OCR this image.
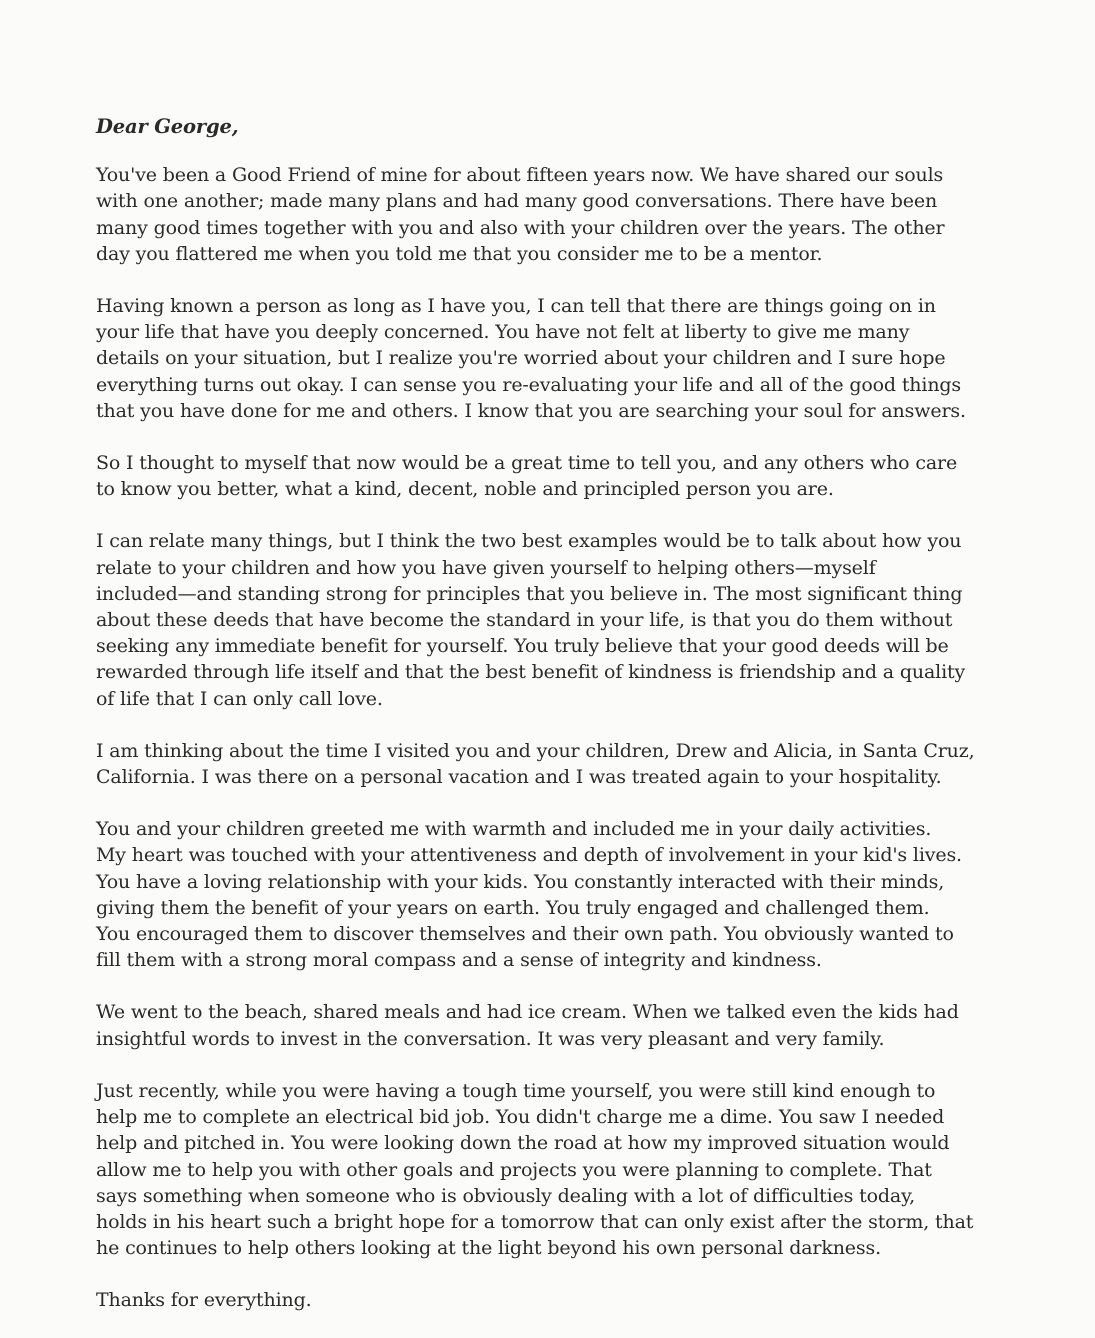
Dear George,

You've been a Good Friend of mine for about fifteen years now. We have shared our souls

with one another; made many plans and had many good conversations. There have been

many good times together with you and also with your children over the years. The other

day you flattered me when you told me that you consider me to be a mentor.

Having known a person as long as I have you, I can tell that there are things going on in

your life that have you deeply concerned. You have not felt at liberty to give me many

details on your situation, but I realize you're worried about your children and I sure hope

everything turns out okay. I can sense you re-evaluating your life and all of the good things

that you have done for me and others. I know that you are searching your soul for answers.

So I thought to myself that now would be a great time to tell you, and any others who care

to know you better, what a kind, decent, noble and principled person you are.

I can relate many things, but I think the two best examples would be to talk about how you

relate to your children and how you have given yourself to helping others—myself

included—and standing strong for principles that you believe in. The most significant thing

about these deeds that have become the standard in your life, is that you do them without

seeking any immediate benefit for yourself. You truly believe that your good deeds will be

rewarded through life itself and that the best benefit of kindness is friendship and a quality

of life that I can only call love.

I am thinking about the time I visited you and your children, Drew and Alicia, in Santa Cruz,

California. I was there on a personal vacation and I was treated again to your hospitality.

You and your children greeted me with warmth and included me in your daily activities.

My heart was touched with your attentiveness and depth of involvement in your kid's lives.

You have a loving relationship with your kids. You constantly interacted with their minds,

giving them the benefit of your years on earth. You truly engaged and challenged them.

You encouraged them to discover themselves and their own path. You obviously wanted to

fill them with a strong moral compass and a sense of integrity and kindness.

We went to the beach, shared meals and had ice cream. When we talked even the kids had

insightful words to invest in the conversation. It was very pleasant and very family.

Just recently, while you were having a tough time yourself, you were still kind enough to

help me to complete an electrical bid job. You didn't charge me a dime. You saw I needed

help and pitched in. You were looking down the road at how my improved situation would

allow me to help you with other goals and projects you were planning to complete. That

says something when someone who is obviously dealing with a lot of difficulties today,

holds in his heart such a bright hope for a tomorrow that can only exist after the storm, that

he continues to help others looking at the light beyond his own personal darkness.

Thanks for everything.
